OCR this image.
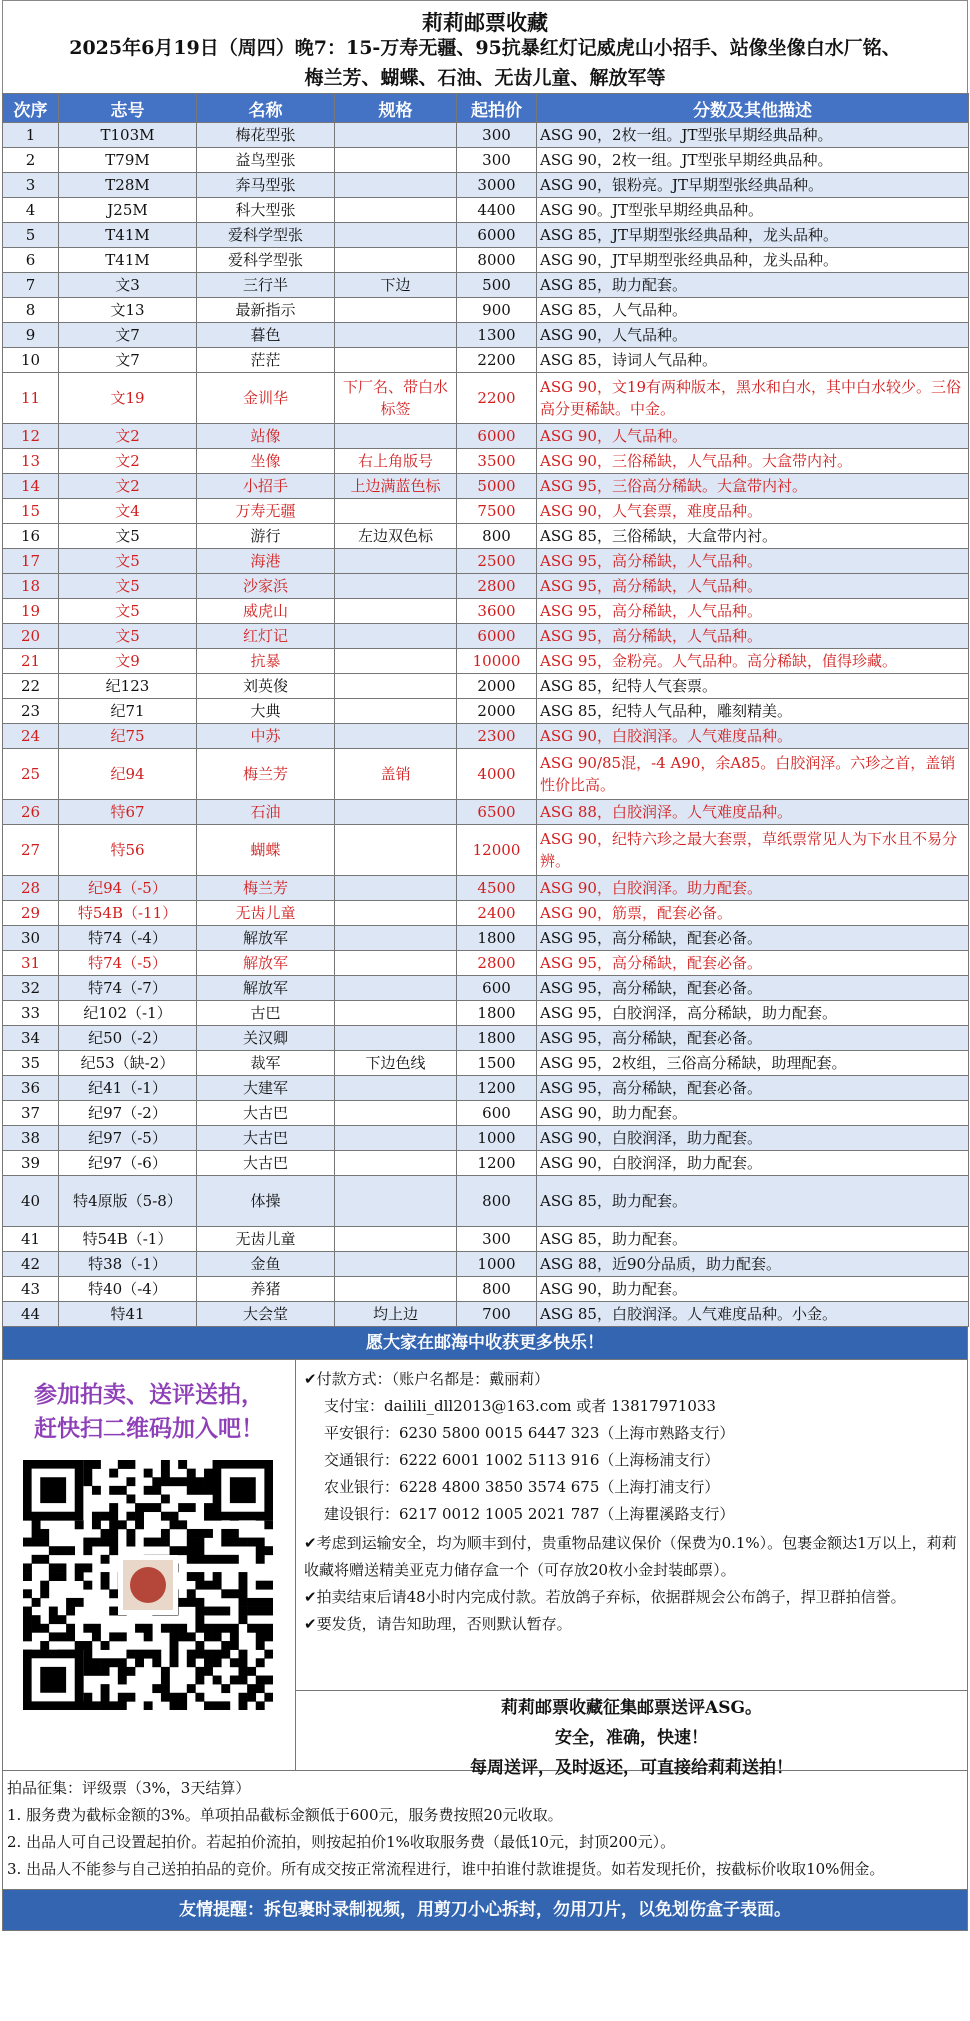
莉莉邮票收藏
2025年6月19日（周四）晚7：15-万寿无疆、95抗暴红灯记威虎山小招手、站像坐像白水厂铭、
梅兰芳、蝴蝶、石油、无齿儿童、解放军等
次序	志号	名称	规格	起拍价	分数及其他描述
1	T103M	梅花型张		300	ASG 90，2枚一组。JT型张早期经典品种。
2	T79M	益鸟型张		300	ASG 90，2枚一组。JT型张早期经典品种。
3	T28M	奔马型张		3000	ASG 90，银粉亮。JT早期型张经典品种。
4	J25M	科大型张		4400	ASG 90。JT型张早期经典品种。
5	T41M	爱科学型张		6000	ASG 85，JT早期型张经典品种，龙头品种。
6	T41M	爱科学型张		8000	ASG 90，JT早期型张经典品种，龙头品种。
7	文3	三行半	下边	500	ASG 85，助力配套。
8	文13	最新指示		900	ASG 85，人气品种。
9	文7	暮色		1300	ASG 90，人气品种。
10	文7	茫茫		2200	ASG 85，诗词人气品种。
11	文19	金训华	下厂名、带白水标签	2200	ASG 90，文19有两种版本，黑水和白水，其中白水较少。三俗高分更稀缺。中金。
12	文2	站像		6000	ASG 90，人气品种。
13	文2	坐像	右上角版号	3500	ASG 90，三俗稀缺，人气品种。大盒带内衬。
14	文2	小招手	上边满蓝色标	5000	ASG 95，三俗高分稀缺。大盒带内衬。
15	文4	万寿无疆		7500	ASG 90，人气套票，难度品种。
16	文5	游行	左边双色标	800	ASG 85，三俗稀缺，大盒带内衬。
17	文5	海港		2500	ASG 95，高分稀缺，人气品种。
18	文5	沙家浜		2800	ASG 95，高分稀缺，人气品种。
19	文5	威虎山		3600	ASG 95，高分稀缺，人气品种。
20	文5	红灯记		6000	ASG 95，高分稀缺，人气品种。
21	文9	抗暴		10000	ASG 95，金粉亮。人气品种。高分稀缺，值得珍藏。
22	纪123	刘英俊		2000	ASG 85，纪特人气套票。
23	纪71	大典		2000	ASG 85，纪特人气品种，雕刻精美。
24	纪75	中苏		2300	ASG 90，白胶润泽。人气难度品种。
25	纪94	梅兰芳	盖销	4000	ASG 90/85混，-4 A90，余A85。白胶润泽。六珍之首，盖销性价比高。
26	特67	石油		6500	ASG 88，白胶润泽。人气难度品种。
27	特56	蝴蝶		12000	ASG 90，纪特六珍之最大套票，草纸票常见人为下水且不易分辨。
28	纪94（-5）	梅兰芳		4500	ASG 90，白胶润泽。助力配套。
29	特54B（-11）	无齿儿童		2400	ASG 90，筋票，配套必备。
30	特74（-4）	解放军		1800	ASG 95，高分稀缺，配套必备。
31	特74（-5）	解放军		2800	ASG 95，高分稀缺，配套必备。
32	特74（-7）	解放军		600	ASG 95，高分稀缺，配套必备。
33	纪102（-1）	古巴		1800	ASG 95，白胶润泽，高分稀缺，助力配套。
34	纪50（-2）	关汉卿		1800	ASG 95，高分稀缺，配套必备。
35	纪53（缺-2）	裁军	下边色线	1500	ASG 95，2枚组，三俗高分稀缺，助理配套。
36	纪41（-1）	大建军		1200	ASG 95，高分稀缺，配套必备。
37	纪97（-2）	大古巴		600	ASG 90，助力配套。
38	纪97（-5）	大古巴		1000	ASG 90，白胶润泽，助力配套。
39	纪97（-6）	大古巴		1200	ASG 90，白胶润泽，助力配套。
40	特4原版（5-8）	体操		800	ASG 85，助力配套。
41	特54B（-1）	无齿儿童		300	ASG 85，助力配套。
42	特38（-1）	金鱼		1000	ASG 88，近90分品质，助力配套。
43	特40（-4）	养猪		800	ASG 90，助力配套。
44	特41	大会堂	均上边	700	ASG 85，白胶润泽。人气难度品种。小金。
愿大家在邮海中收获更多快乐！
参加拍卖、送评送拍，
赶快扫二维码加入吧！
✔付款方式：（账户名都是：戴丽莉）
支付宝：dailili_dll2013@163.com 或者 13817971033
平安银行：6230 5800 0015 6447 323（上海市熟路支行）
交通银行：6222 6001 1002 5113 916（上海杨浦支行）
农业银行：6228 4800 3850 3574 675（上海打浦支行）
建设银行：6217 0012 1005 2021 787（上海瞿溪路支行）
✔考虑到运输安全，均为顺丰到付，贵重物品建议保价（保费为0.1%）。包裹金额达1万以上，莉莉收藏将赠送精美亚克力储存盒一个（可存放20枚小金封装邮票）。
✔拍卖结束后请48小时内完成付款。若放鸽子弃标，依据群规会公布鸽子，捍卫群拍信誉。
✔要发货，请告知助理，否则默认暂存。
莉莉邮票收藏征集邮票送评ASG。
安全，准确，快速！
每周送评，及时返还，可直接给莉莉送拍！
拍品征集：评级票（3%，3天结算）
1. 服务费为截标金额的3%。单项拍品截标金额低于600元，服务费按照20元收取。
2. 出品人可自己设置起拍价。若起拍价流拍，则按起拍价1%收取服务费（最低10元，封顶200元）。
3. 出品人不能参与自己送拍拍品的竞价。所有成交按正常流程进行，谁中拍谁付款谁提货。如若发现托价，按截标价收取10%佣金。
友情提醒：拆包裹时录制视频，用剪刀小心拆封，勿用刀片，以免划伤盒子表面。
